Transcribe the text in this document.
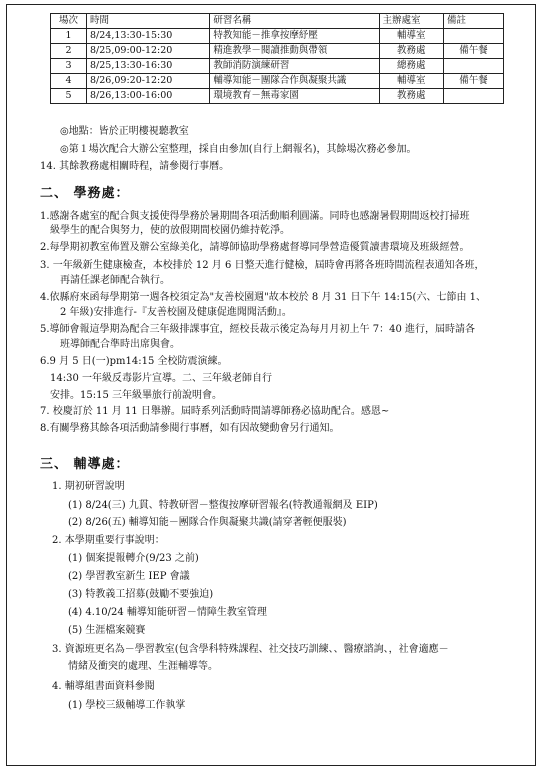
場次	時間	研習名稱	主辦處室	備註
1	8/24,13:30-15:30	特教知能－推拿按摩紓壓	輔導室	
2	8/25,09:00-12:20	精進教學－閱讀推動與帶領	教務處	備午餐
3	8/25,13:30-16:30	教師消防演練研習	總務處	
4	8/26,09:20-12:20	輔導知能－團隊合作與凝聚共識	輔導室	備午餐
5	8/26,13:00-16:00	環境教育－無毒家園	教務處	
◎地點：皆於正明樓視聽教室
◎第１場次配合大辦公室整理，採自由參加(自行上網報名)，其餘場次務必參加。
14. 其餘教務處相關時程，請參閱行事曆。
二、 學務處：
1.感謝各處室的配合與支援使得學務於暑期間各項活動順利圓滿。同時也感謝暑假期間返校打掃班
級學生的配合與努力，使的放假期間校園仍維持乾淨。
2.每學期初教室佈置及辦公室綠美化，請導師協助學務處督導同學營造優質讀書環境及班級經營。
3. 一年級新生健康檢查，本校排於 12 月 6 日整天進行健檢，屆時會再將各班時間流程表通知各班，
再請任課老師配合執行。
4.依縣府來函每學期第一週各校須定為"友善校園週"故本校於 8 月 31 日下午 14:15(六、七節由 1、
2 年級)安排進行-『友善校園及健康促進聞聞活動』。
5.導師會報這學期為配合三年級排課事宜，經校長裁示後定為每月月初上午 7：40 進行，屆時請各
班導師配合準時出席與會。
6.9 月 5 日(一)pm14:15 全校防震演練。
14:30 一年級反毒影片宣導。二、三年級老師自行
安排。15:15 三年級畢旅行前說明會。
7. 校慶訂於 11 月 11 日舉辦。屆時系列活動時間請導師務必協助配合。感恩~
8.有關學務其餘各項活動請參閱行事曆，如有因故變動會另行通知。
三、 輔導處：
1. 期初研習說明
(1) 8/24(三) 九貫、特教研習－整復按摩研習報名(特教通報網及 EIP)
(2) 8/26(五) 輔導知能－團隊合作與凝聚共識(請穿著輕便服裝)
2. 本學期重要行事說明：
(1) 個案提報轉介(9/23 之前)
(2) 學習教室新生 IEP 會議
(3) 特教義工招募(鼓勵不要強迫)
(4) 4.10/24 輔導知能研習－情障生教室管理
(5) 生涯檔案競賽
3. 資源班更名為－學習教室(包含學科特殊課程、社交技巧訓練、、醫療諮詢、，社會適應－
情緒及衝突的處理、生涯輔導等。
4. 輔導組書面資料參閱
(1) 學校三級輔導工作執掌
